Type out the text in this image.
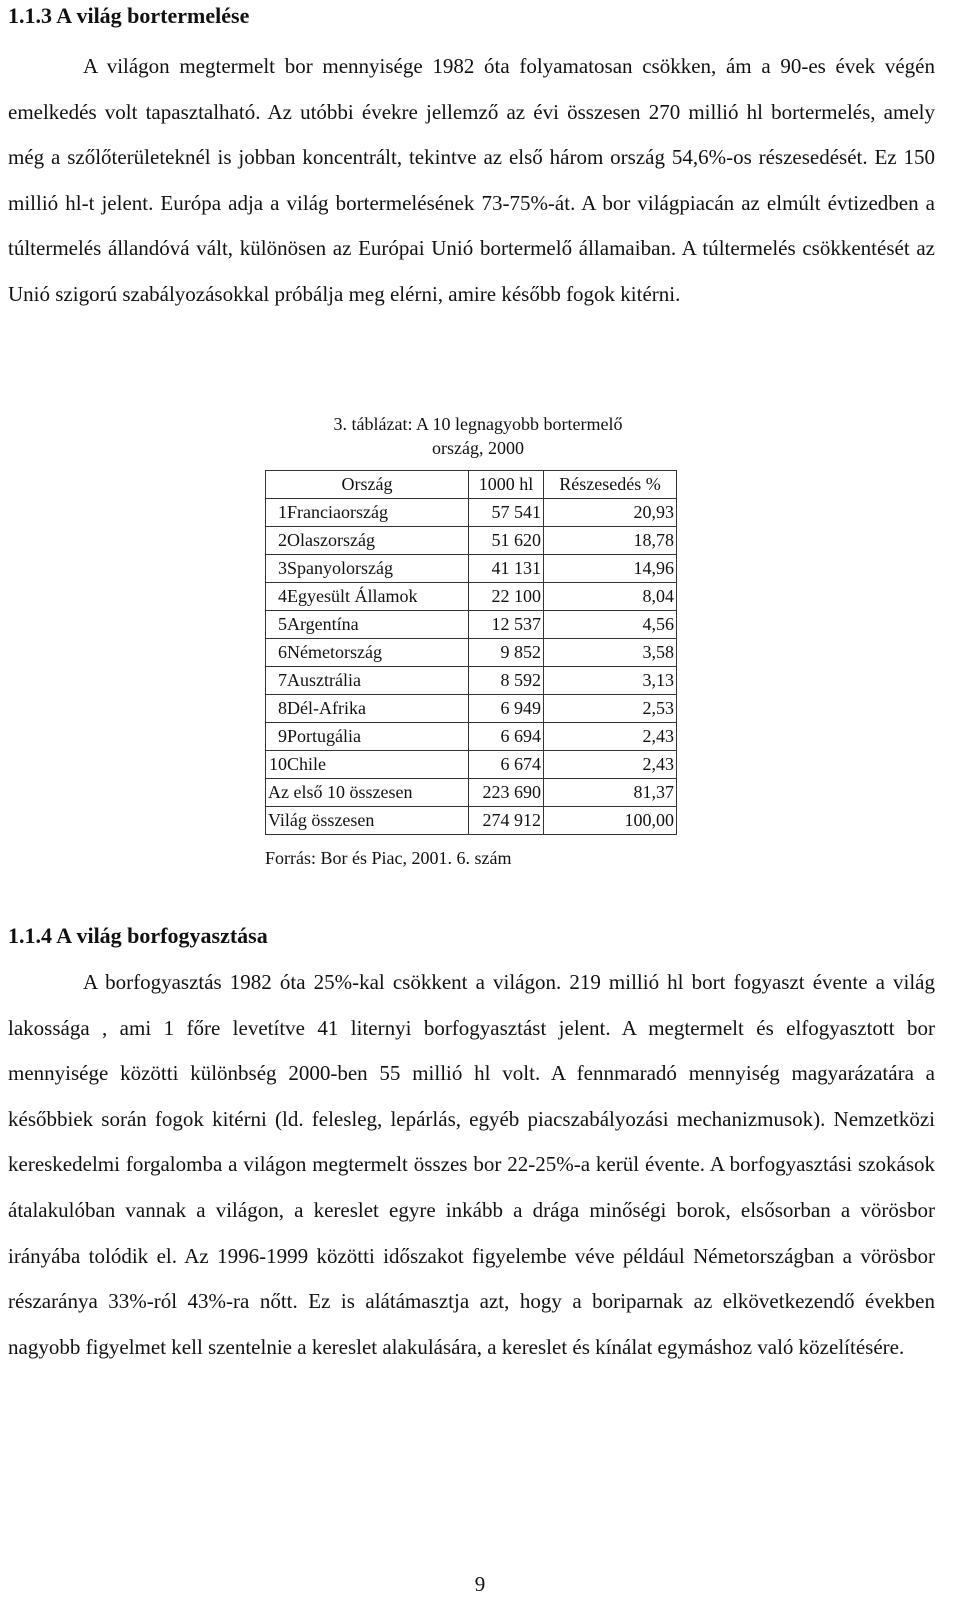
1.1.3 A világ bortermelése

A világon megtermelt bor mennyisége 1982 óta folyamatosan csökken, ám a 90-es évek végén emelkedés volt tapasztalható. Az utóbbi évekre jellemző az évi összesen 270 millió hl bortermelés, amely még a szőlőterületeknél is jobban koncentrált, tekintve az első három ország 54,6%-os részesedését. Ez 150 millió hl-t jelent. Európa adja a világ bortermelésének 73-75%-át. A bor világpiacán az elmúlt évtizedben a túltermelés állandóvá vált, különösen az Európai Unió bortermelő államaiban. A túltermelés csökkentését az Unió szigorú szabályozásokkal próbálja meg elérni, amire később fogok kitérni.

3. táblázat: A 10 legnagyobb bortermelő
ország, 2000
Ország	1000 hl	Részesedés %
1Franciaország	57 541	20,93
2Olaszország	51 620	18,78
3Spanyolország	41 131	14,96
4Egyesült Államok	22 100	8,04
5Argentína	12 537	4,56
6Németország	9 852	3,58
7Ausztrália	8 592	3,13
8Dél-Afrika	6 949	2,53
9Portugália	6 694	2,43
10Chile	6 674	2,43
Az első 10 összesen	223 690	81,37
Világ összesen	274 912	100,00
Forrás: Bor és Piac, 2001. 6. szám
1.1.4 A világ borfogyasztása

A borfogyasztás 1982 óta 25%-kal csökkent a világon. 219 millió hl bort fogyaszt évente a világ lakossága , ami 1 főre levetítve 41 liternyi borfogyasztást jelent. A megtermelt és elfogyasztott bor mennyisége közötti különbség 2000-ben 55 millió hl volt. A fennmaradó mennyiség magyarázatára a későbbiek során fogok kitérni (ld. felesleg, lepárlás, egyéb piacszabályozási mechanizmusok). Nemzetközi kereskedelmi forgalomba a világon megtermelt összes bor 22-25%-a kerül évente. A borfogyasztási szokások átalakulóban vannak a világon, a kereslet egyre inkább a drága minőségi borok, elsősorban a vörösbor irányába tolódik el. Az 1996-1999 közötti időszakot figyelembe véve például Németországban a vörösbor részaránya 33%-ról 43%-ra nőtt. Ez is alátámasztja azt, hogy a boriparnak az elkövetkezendő években nagyobb figyelmet kell szentelnie a kereslet alakulására, a kereslet és kínálat egymáshoz való közelítésére.

9
